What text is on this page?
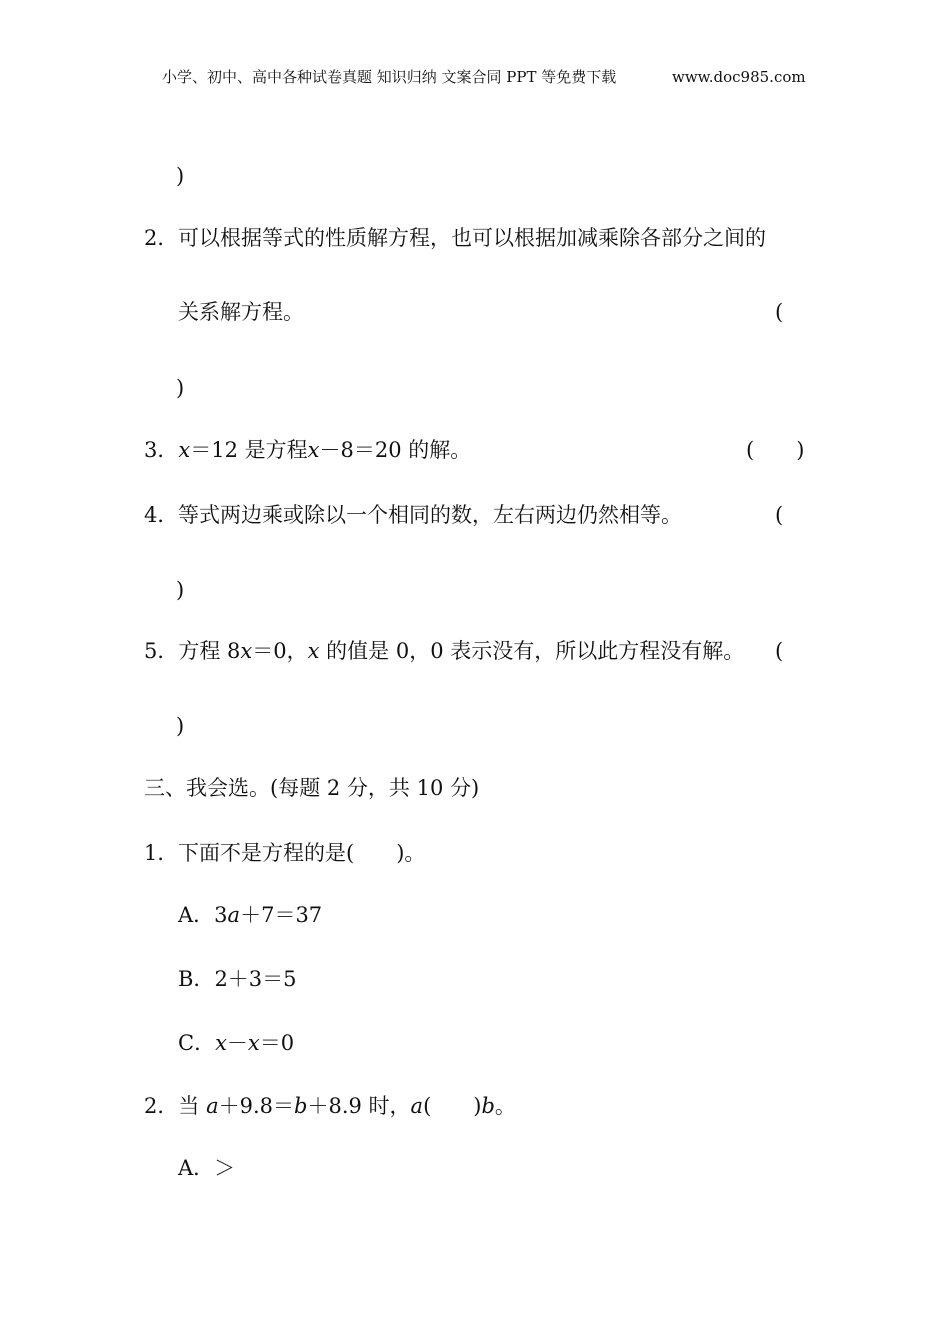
小学、初中、高中各种试卷真题 知识归纳 文案合同 PPT 等免费下载	www.doc985.com
)
2． 可以根据等式的性质解方程，也可以根据加减乘除各部分之间的
关系解方程。	(
)
3．x＝12 是方程x－8＝20 的解。	(　　)
4． 等式两边乘或除以一个相同的数，左右两边仍然相等。	(
)
5．方程 8x＝0，x 的值是 0，0 表示没有，所以此方程没有解。 (
)
三、我会选。(每题 2 分，共 10 分)
1． 下面不是方程的是(　　)。
A．3a＋7＝37
B．2＋3＝5
C．x－x＝0
2．当 a＋9.8＝b＋8.9 时，a(　　)b。
A．＞
